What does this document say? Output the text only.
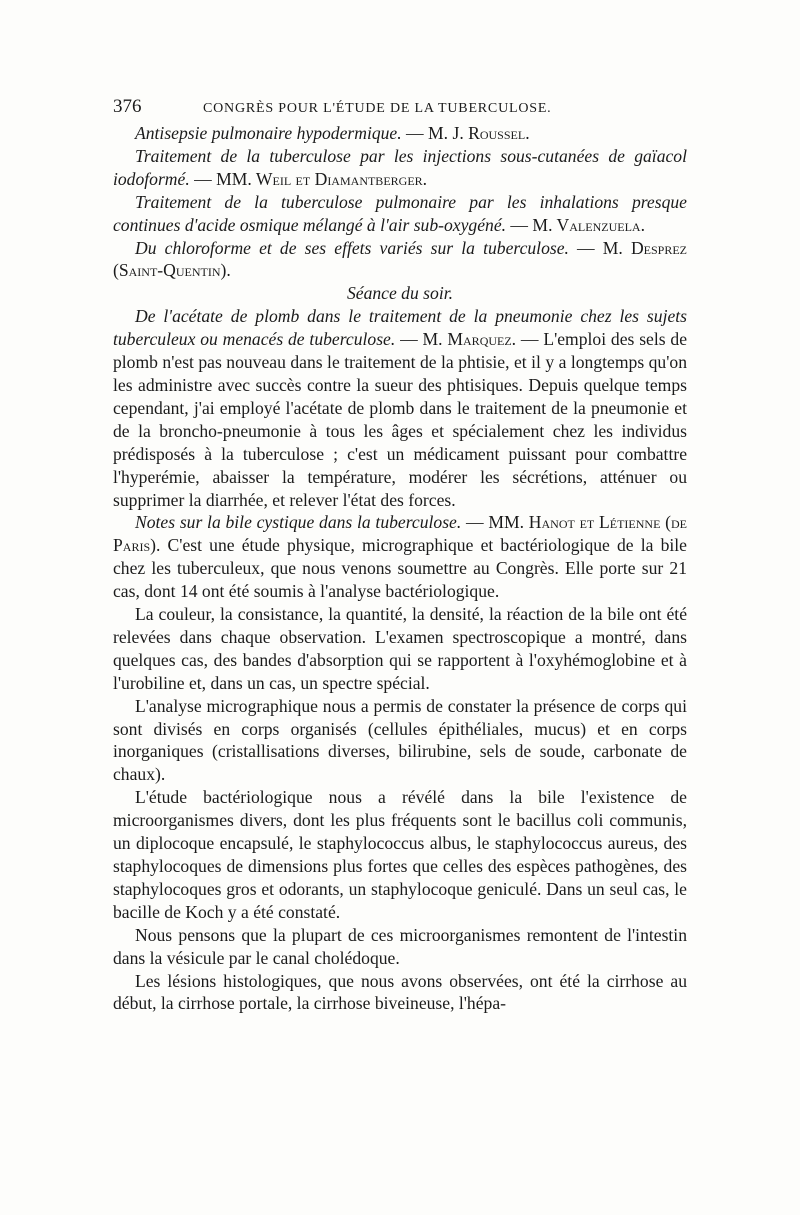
376	CONGRÈS POUR L'ÉTUDE DE LA TUBERCULOSE.

Antisepsie pulmonaire hypodermique. — M. J. Roussel.

Traitement de la tuberculose par les injections sous-cutanées de gaïacol iodoformé. — MM. Weil et Diamantberger.

Traitement de la tuberculose pulmonaire par les inhalations presque continues d'acide osmique mélangé à l'air sub-oxygéné. — M. Valenzuela.

Du chloroforme et de ses effets variés sur la tuberculose. — M. Desprez (Saint-Quentin).

Séance du soir.

De l'acétate de plomb dans le traitement de la pneumonie chez les sujets tuberculeux ou menacés de tuberculose. — M. Marquez. — L'emploi des sels de plomb n'est pas nouveau dans le traitement de la phtisie, et il y a longtemps qu'on les administre avec succès contre la sueur des phtisiques. Depuis quelque temps cependant, j'ai employé l'acétate de plomb dans le traitement de la pneumonie et de la broncho-pneumonie à tous les âges et spécialement chez les individus prédisposés à la tuberculose ; c'est un médicament puissant pour combattre l'hyperémie, abaisser la température, modérer les sécrétions, atténuer ou supprimer la diarrhée, et relever l'état des forces.

Notes sur la bile cystique dans la tuberculose. — MM. Hanot et Létienne (de Paris). C'est une étude physique, micrographique et bactériologique de la bile chez les tuberculeux, que nous venons soumettre au Congrès. Elle porte sur 21 cas, dont 14 ont été soumis à l'analyse bactériologique.

La couleur, la consistance, la quantité, la densité, la réaction de la bile ont été relevées dans chaque observation. L'examen spectroscopique a montré, dans quelques cas, des bandes d'absorption qui se rapportent à l'oxyhémoglobine et à l'urobiline et, dans un cas, un spectre spécial.

L'analyse micrographique nous a permis de constater la présence de corps qui sont divisés en corps organisés (cellules épithéliales, mucus) et en corps inorganiques (cristallisations diverses, bilirubine, sels de soude, carbonate de chaux).

L'étude bactériologique nous a révélé dans la bile l'existence de microorganismes divers, dont les plus fréquents sont le bacillus coli communis, un diplocoque encapsulé, le staphylococcus albus, le staphylococcus aureus, des staphylocoques de dimensions plus fortes que celles des espèces pathogènes, des staphylocoques gros et odorants, un staphylocoque geniculé. Dans un seul cas, le bacille de Koch y a été constaté.

Nous pensons que la plupart de ces microorganismes remontent de l'intestin dans la vésicule par le canal cholédoque.

Les lésions histologiques, que nous avons observées, ont été la cirrhose au début, la cirrhose portale, la cirrhose biveineuse, l'hépa-
